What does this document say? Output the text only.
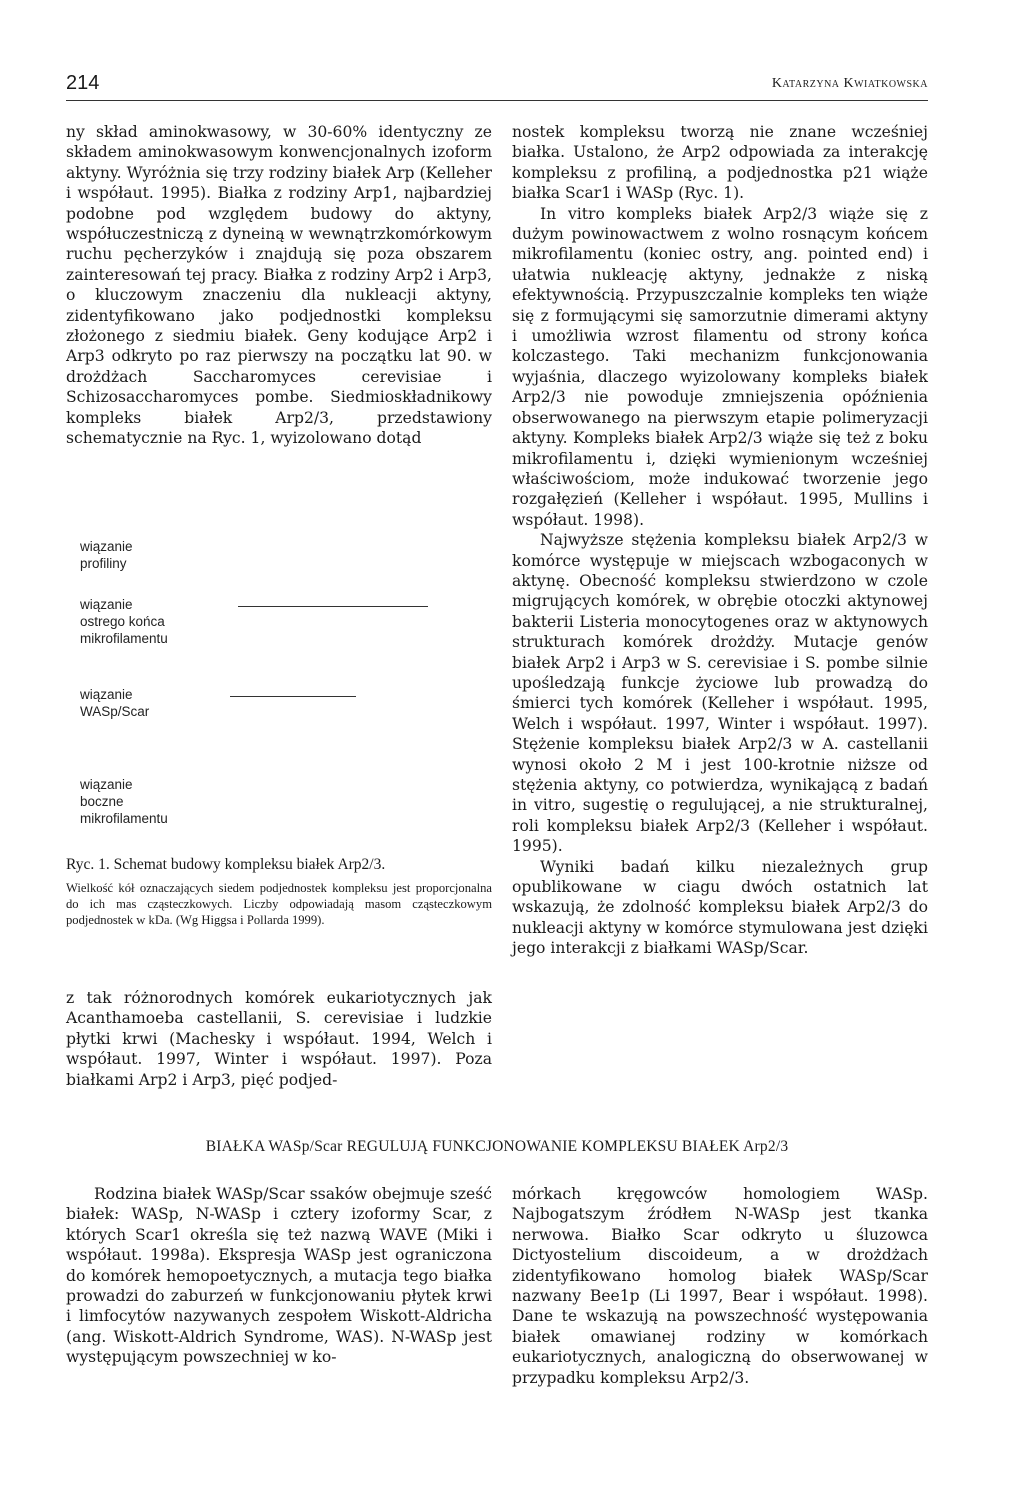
214	Katarzyna Kwiatkowska

ny skład aminokwasowy, w 30-60% identyczny ze składem aminokwasowym konwencjonalnych izoform aktyny. Wyróżnia się trzy rodziny białek Arp (Kelleher i współaut. 1995). Białka z rodziny Arp1, najbardziej podobne pod względem budowy do aktyny, współuczestniczą z dyneiną w wewnątrzkomórkowym ruchu pęcherzyków i znajdują się poza obszarem zainteresowań tej pracy. Białka z rodziny Arp2 i Arp3, o kluczowym znaczeniu dla nukleacji aktyny, zidentyfikowano jako podjednostki kompleksu złożonego z siedmiu białek. Geny kodujące Arp2 i Arp3 odkryto po raz pierwszy na początku lat 90. w drożdżach Saccharomyces cerevisiae i Schizosaccharomyces pombe. Siedmioskładnikowy kompleks białek Arp2/3, przedstawiony schematycznie na Ryc. 1, wyizolowano dotąd

wiązanie
profiliny
wiązanie
ostrego końca
mikrofilamentu
wiązanie
WASp/Scar
wiązanie
boczne
mikrofilamentu
Ryc. 1. Schemat budowy kompleksu białek Arp2/3.
Wielkość kół oznaczających siedem podjednostek kompleksu jest proporcjonalna do ich mas cząsteczkowych. Liczby odpowiadają masom cząsteczkowym podjednostek w kDa. (Wg Higgsa i Pollarda 1999).

z tak różnorodnych komórek eukariotycznych jak Acanthamoeba castellanii, S. cerevisiae i ludzkie płytki krwi (Machesky i współaut. 1994, Welch i współaut. 1997, Winter i współaut. 1997). Poza białkami Arp2 i Arp3, pięć podjed-

nostek kompleksu tworzą nie znane wcześniej białka. Ustalono, że Arp2 odpowiada za interakcję kompleksu z profiliną, a podjednostka p21 wiąże białka Scar1 i WASp (Ryc. 1).

In vitro kompleks białek Arp2/3 wiąże się z dużym powinowactwem z wolno rosnącym końcem mikrofilamentu (koniec ostry, ang. pointed end) i ułatwia nukleację aktyny, jednakże z niską efektywnością. Przypuszczalnie kompleks ten wiąże się z formującymi się samorzutnie dimerami aktyny i umożliwia wzrost filamentu od strony końca kolczastego. Taki mechanizm funkcjonowania wyjaśnia, dlaczego wyizolowany kompleks białek Arp2/3 nie powoduje zmniejszenia opóźnienia obserwowanego na pierwszym etapie polimeryzacji aktyny. Kompleks białek Arp2/3 wiąże się też z boku mikrofilamentu i, dzięki wymienionym wcześniej właściwościom, może indukować tworzenie jego rozgałęzień (Kelleher i współaut. 1995, Mullins i współaut. 1998).

Najwyższe stężenia kompleksu białek Arp2/3 w komórce występuje w miejscach wzbogaconych w aktynę. Obecność kompleksu stwierdzono w czole migrujących komórek, w obrębie otoczki aktynowej bakterii Listeria monocytogenes oraz w aktynowych strukturach komórek drożdży. Mutacje genów białek Arp2 i Arp3 w S. cerevisiae i S. pombe silnie upośledzają funkcje życiowe lub prowadzą do śmierci tych komórek (Kelleher i współaut. 1995, Welch i współaut. 1997, Winter i współaut. 1997). Stężenie kompleksu białek Arp2/3 w A. castellanii wynosi około 2 M i jest 100-krotnie niższe od stężenia aktyny, co potwierdza, wynikającą z badań in vitro, sugestię o regulującej, a nie strukturalnej, roli kompleksu białek Arp2/3 (Kelleher i współaut. 1995).

Wyniki badań kilku niezależnych grup opublikowane w ciagu dwóch ostatnich lat wskazują, że zdolność kompleksu białek Arp2/3 do nukleacji aktyny w komórce stymulowana jest dzięki jego interakcji z białkami WASp/Scar.

BIAŁKA WASp/Scar REGULUJĄ FUNKCJONOWANIE KOMPLEKSU BIAŁEK Arp2/3

Rodzina białek WASp/Scar ssaków obejmuje sześć białek: WASp, N-WASp i cztery izoformy Scar, z których Scar1 określa się też nazwą WAVE (Miki i współaut. 1998a). Ekspresja WASp jest ograniczona do komórek hemopoetycznych, a mutacja tego białka prowadzi do zaburzeń w funkcjonowaniu płytek krwi i limfocytów nazywanych zespołem Wiskott-Aldricha (ang. Wiskott-Aldrich Syndrome, WAS). N-WASp jest występującym powszechniej w ko-

mórkach kręgowców homologiem WASp. Najbogatszym źródłem N-WASp jest tkanka nerwowa. Białko Scar odkryto u śluzowca Dictyostelium discoideum, a w drożdżach zidentyfikowano homolog białek WASp/Scar nazwany Bee1p (Li 1997, Bear i współaut. 1998). Dane te wskazują na powszechność występowania białek omawianej rodziny w komórkach eukariotycznych, analogiczną do obserwowanej w przypadku kompleksu Arp2/3.
